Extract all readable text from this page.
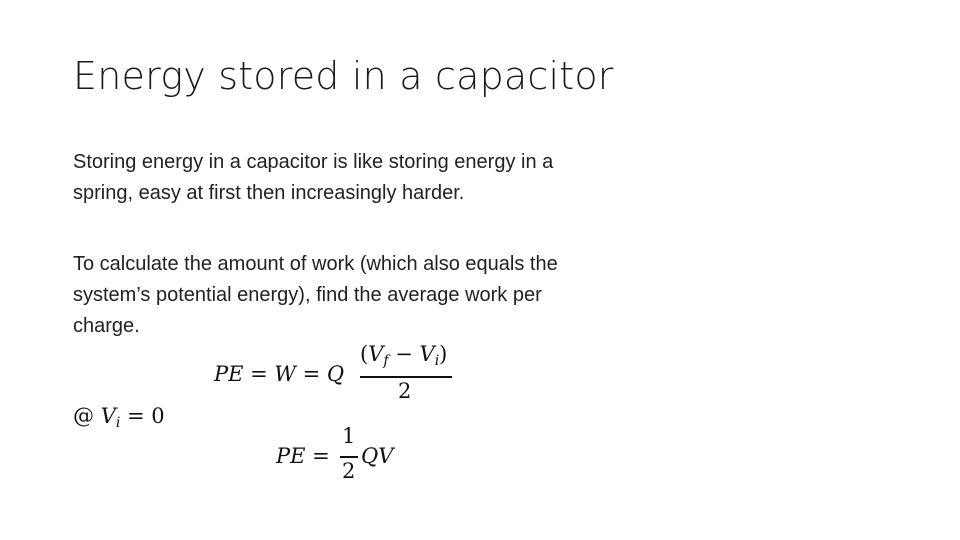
Energy stored in a capacitor
Storing energy in a capacitor is like storing energy in a spring, easy at first then increasingly harder.
To calculate the amount of work (which also equals the system’s potential energy), find the average work per charge.
PE = W = Q
$(V_f - V_i)$
2
@ $V_i = 0$
PE =
1
2
QV
